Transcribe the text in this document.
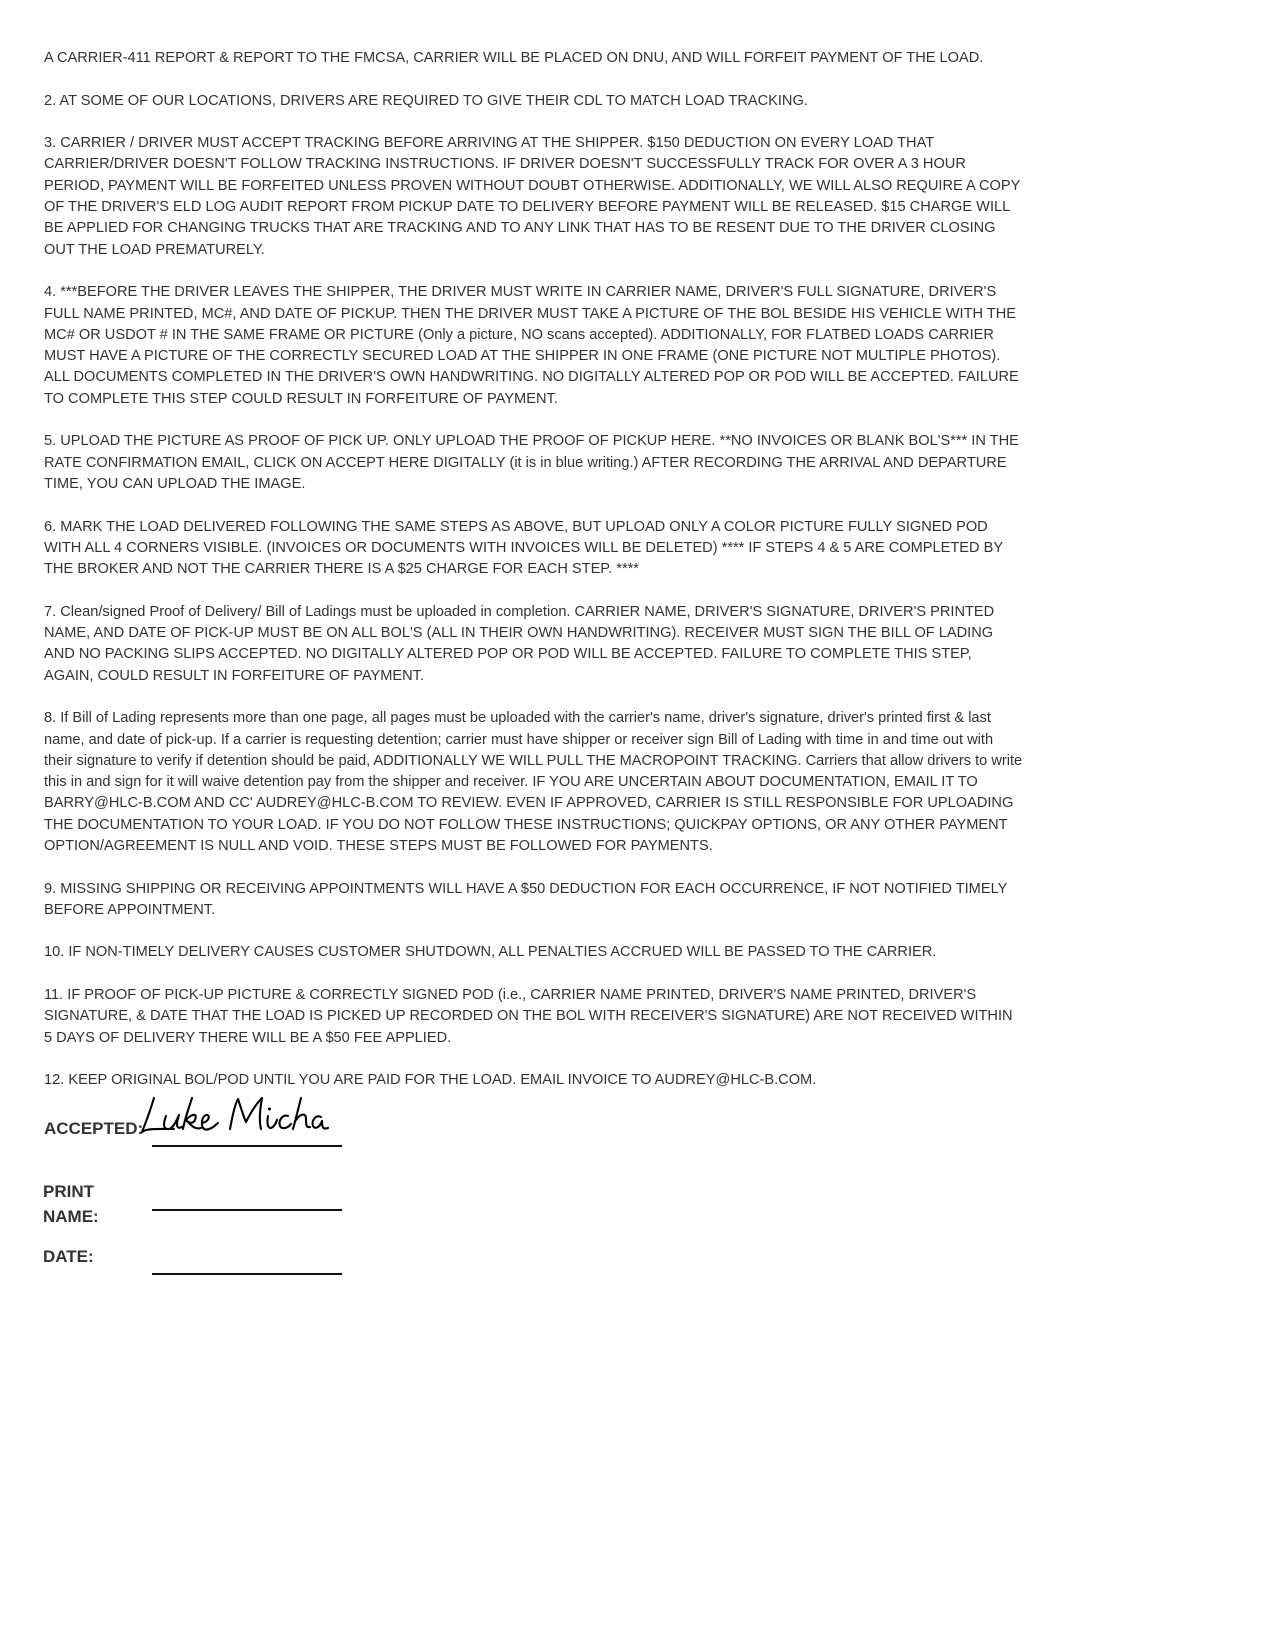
A CARRIER-411 REPORT & REPORT TO THE FMCSA, CARRIER WILL BE PLACED ON DNU, AND WILL FORFEIT PAYMENT OF THE LOAD.

2. AT SOME OF OUR LOCATIONS, DRIVERS ARE REQUIRED TO GIVE THEIR CDL TO MATCH LOAD TRACKING.

3. CARRIER / DRIVER MUST ACCEPT TRACKING BEFORE ARRIVING AT THE SHIPPER. $150 DEDUCTION ON EVERY LOAD THAT CARRIER/DRIVER DOESN'T FOLLOW TRACKING INSTRUCTIONS. IF DRIVER DOESN'T SUCCESSFULLY TRACK FOR OVER A 3 HOUR PERIOD, PAYMENT WILL BE FORFEITED UNLESS PROVEN WITHOUT DOUBT OTHERWISE. ADDITIONALLY, WE WILL ALSO REQUIRE A COPY OF THE DRIVER'S ELD LOG AUDIT REPORT FROM PICKUP DATE TO DELIVERY BEFORE PAYMENT WILL BE RELEASED. $15 CHARGE WILL BE APPLIED FOR CHANGING TRUCKS THAT ARE TRACKING AND TO ANY LINK THAT HAS TO BE RESENT DUE TO THE DRIVER CLOSING OUT THE LOAD PREMATURELY.

4. ***BEFORE THE DRIVER LEAVES THE SHIPPER, THE DRIVER MUST WRITE IN CARRIER NAME, DRIVER'S FULL SIGNATURE, DRIVER'S FULL NAME PRINTED, MC#, AND DATE OF PICKUP. THEN THE DRIVER MUST TAKE A PICTURE OF THE BOL BESIDE HIS VEHICLE WITH THE MC# OR USDOT # IN THE SAME FRAME OR PICTURE (Only a picture, NO scans accepted). ADDITIONALLY, FOR FLATBED LOADS CARRIER MUST HAVE A PICTURE OF THE CORRECTLY SECURED LOAD AT THE SHIPPER IN ONE FRAME (ONE PICTURE NOT MULTIPLE PHOTOS). ALL DOCUMENTS COMPLETED IN THE DRIVER'S OWN HANDWRITING. NO DIGITALLY ALTERED POP OR POD WILL BE ACCEPTED. FAILURE TO COMPLETE THIS STEP COULD RESULT IN FORFEITURE OF PAYMENT.

5. UPLOAD THE PICTURE AS PROOF OF PICK UP. ONLY UPLOAD THE PROOF OF PICKUP HERE. **NO INVOICES OR BLANK BOL'S*** IN THE RATE CONFIRMATION EMAIL, CLICK ON ACCEPT HERE DIGITALLY (it is in blue writing.) AFTER RECORDING THE ARRIVAL AND DEPARTURE TIME, YOU CAN UPLOAD THE IMAGE.

6. MARK THE LOAD DELIVERED FOLLOWING THE SAME STEPS AS ABOVE, BUT UPLOAD ONLY A COLOR PICTURE FULLY SIGNED POD WITH ALL 4 CORNERS VISIBLE. (INVOICES OR DOCUMENTS WITH INVOICES WILL BE DELETED) **** IF STEPS 4 & 5 ARE COMPLETED BY THE BROKER AND NOT THE CARRIER THERE IS A $25 CHARGE FOR EACH STEP. ****

7. Clean/signed Proof of Delivery/ Bill of Ladings must be uploaded in completion. CARRIER NAME, DRIVER'S SIGNATURE, DRIVER'S PRINTED NAME, AND DATE OF PICK-UP MUST BE ON ALL BOL'S (ALL IN THEIR OWN HANDWRITING). RECEIVER MUST SIGN THE BILL OF LADING AND NO PACKING SLIPS ACCEPTED. NO DIGITALLY ALTERED POP OR POD WILL BE ACCEPTED. FAILURE TO COMPLETE THIS STEP, AGAIN, COULD RESULT IN FORFEITURE OF PAYMENT.

8. If Bill of Lading represents more than one page, all pages must be uploaded with the carrier's name, driver's signature, driver's printed first & last name, and date of pick-up. If a carrier is requesting detention; carrier must have shipper or receiver sign Bill of Lading with time in and time out with their signature to verify if detention should be paid, ADDITIONALLY WE WILL PULL THE MACROPOINT TRACKING. Carriers that allow drivers to write this in and sign for it will waive detention pay from the shipper and receiver. IF YOU ARE UNCERTAIN ABOUT DOCUMENTATION, EMAIL IT TO BARRY@HLC-B.COM AND CC' AUDREY@HLC-B.COM TO REVIEW. EVEN IF APPROVED, CARRIER IS STILL RESPONSIBLE FOR UPLOADING THE DOCUMENTATION TO YOUR LOAD. IF YOU DO NOT FOLLOW THESE INSTRUCTIONS; QUICKPAY OPTIONS, OR ANY OTHER PAYMENT OPTION/AGREEMENT IS NULL AND VOID. THESE STEPS MUST BE FOLLOWED FOR PAYMENTS.

9. MISSING SHIPPING OR RECEIVING APPOINTMENTS WILL HAVE A $50 DEDUCTION FOR EACH OCCURRENCE, IF NOT NOTIFIED TIMELY BEFORE APPOINTMENT.

10. IF NON-TIMELY DELIVERY CAUSES CUSTOMER SHUTDOWN, ALL PENALTIES ACCRUED WILL BE PASSED TO THE CARRIER.

11. IF PROOF OF PICK-UP PICTURE & CORRECTLY SIGNED POD (i.e., CARRIER NAME PRINTED, DRIVER'S NAME PRINTED, DRIVER'S SIGNATURE, & DATE THAT THE LOAD IS PICKED UP RECORDED ON THE BOL WITH RECEIVER'S SIGNATURE) ARE NOT RECEIVED WITHIN 5 DAYS OF DELIVERY THERE WILL BE A $50 FEE APPLIED.

12. KEEP ORIGINAL BOL/POD UNTIL YOU ARE PAID FOR THE LOAD. EMAIL INVOICE TO AUDREY@HLC-B.COM.

ACCEPTED:
PRINT
NAME:
DATE:
